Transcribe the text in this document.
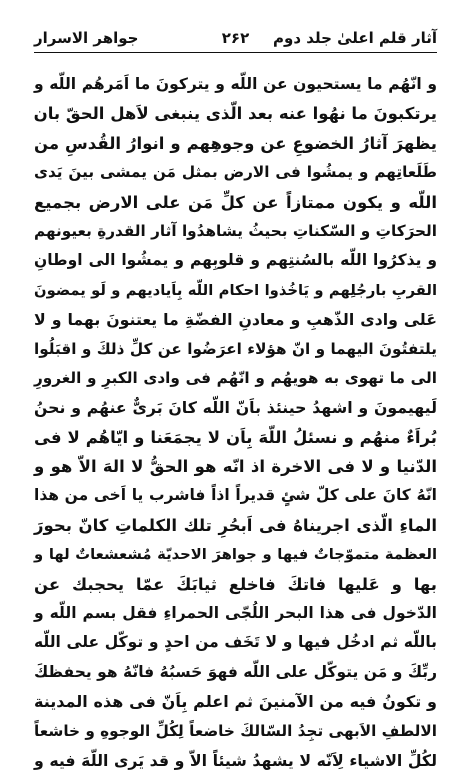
آثار قلم اعلیٰ جلد دوم
۲۶۲
جواهر الاسرار
و انّهُم ما يستحيون عن اللّه و يتركونَ ما اَمَرهُم اللّه و
يرتكبونَ ما نهُوا عنه بعد الّذى ينبغى لاَهل الحقّ بان
يظهرَ آثارُ الخضوعِ عن وجوهِهم و انوارُ القُدسِ من
طَلَعاتِهم و يمشُوا فى الارض بمثل مَن يمشى بينَ يَدى
اللّه و يكون ممتازاً عن كلِّ مَن على الارض بجميع
الحرَكاتِ و السّكناتِ بحيثُ يشاهدُوا آثار القدرةِ بعيونهم
و يذكرُوا اللّه بالسُنتِهم و قلوبِهم و يمشُوا الى اوطانِ
القربِ بارجُلِهم و يَاخُذوا احكام اللّه بِاَياديهم و لَو يمضونَ
عَلى وادى الذّهبِ و معادنِ الفضّةِ ما يعتنونَ بهما و لا
يلتفتُونَ اليهما و انّ هؤلاء اعرَضُوا عن كلِّ ذلكَ و اقبَلُوا
الى ما تهوى به هويهُم و انّهُم فى وادى الكبرِ و الغرورِ
لَيهيمونَ و اشهدُ حينئذ باَنّ اللّه كانَ بَرىٌّ عنهُم و نحنُ
بُراَءٌ منهُم و نسئلُ اللّهَ بِاَن لا يجمَعَنا و ايّاهُم لا فى
الدّنيا و لا فى الاخرة اذ انّه هو الحقُّ لا الهَ الاّ هو و
انّهُ كانَ على كلّ شئٍ قديراً اذاً فاشرب يا اَخى من هذا
الماءِ الّذى اجريناهُ فى اَبحُرِ تلك الكلماتِ كانّ بحورَ
العظمة متموّجاتٌ فيها و جواهرَ الاحديّة مُشعشعاتٌ لها و
بها و عَليها فاتكَ فاخلع ثيابَكَ عمّا يحجبك عن
الدّخول فى هذا البحر اللُجّى الحمراءِ فقل بسم اللّه و
باللّه ثم ادخُل فيها و لا تَخَف من احدٍ و توكّل على اللّه
ربِّكَ و مَن يتوكّل على اللّه فهوَ حَسبُهُ فانّهُ هو يحفظكَ
و تكونُ فيه من الآمنينَ ثم اعلم بِاَنّ فى هذه المدينة
الالطفِ الاَبهى تجِدُ السّالكَ خاضعاً لِكُلِّ الوجوهِ و خاشعاً
لكُلِّ الاشياء لِاَنّه لا يشهدُ شيئاً الاّ و قد يَرى اللّهَ فيه و
